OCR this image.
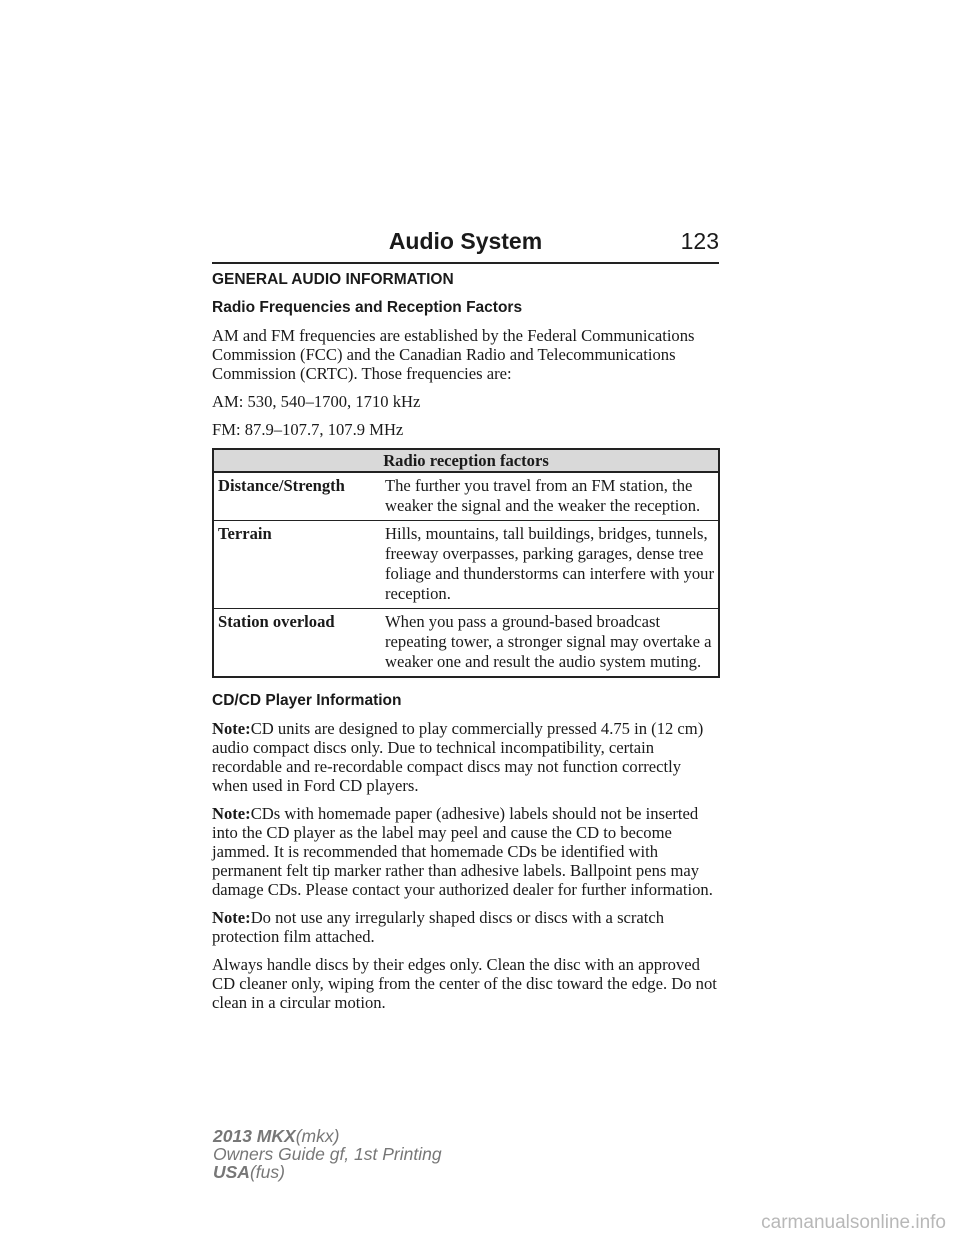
Audio System	123
GENERAL AUDIO INFORMATION
Radio Frequencies and Reception Factors

AM and FM frequencies are established by the Federal Communications Commission (FCC) and the Canadian Radio and Telecommunications Commission (CRTC). Those frequencies are:

AM: 530, 540–1700, 1710 kHz

FM: 87.9–107.7, 107.9 MHz

Radio reception factors	
Distance/Strength	The further you travel from an FM station, the weaker the signal and the weaker the reception.
Terrain	Hills, mountains, tall buildings, bridges, tunnels, freeway overpasses, parking garages, dense tree foliage and thunderstorms can interfere with your reception.
Station overload	When you pass a ground-based broadcast repeating tower, a stronger signal may overtake a weaker one and result the audio system muting.
CD/CD Player Information

Note:CD units are designed to play commercially pressed 4.75 in (12 cm) audio compact discs only. Due to technical incompatibility, certain recordable and re-recordable compact discs may not function correctly when used in Ford CD players.

Note:CDs with homemade paper (adhesive) labels should not be inserted into the CD player as the label may peel and cause the CD to become jammed. It is recommended that homemade CDs be identified with permanent felt tip marker rather than adhesive labels. Ballpoint pens may damage CDs. Please contact your authorized dealer for further information.

Note:Do not use any irregularly shaped discs or discs with a scratch protection film attached.

Always handle discs by their edges only. Clean the disc with an approved CD cleaner only, wiping from the center of the disc toward the edge. Do not clean in a circular motion.

2013 MKX(mkx)
Owners Guide gf, 1st Printing
USA(fus)
carmanualsonline.info
